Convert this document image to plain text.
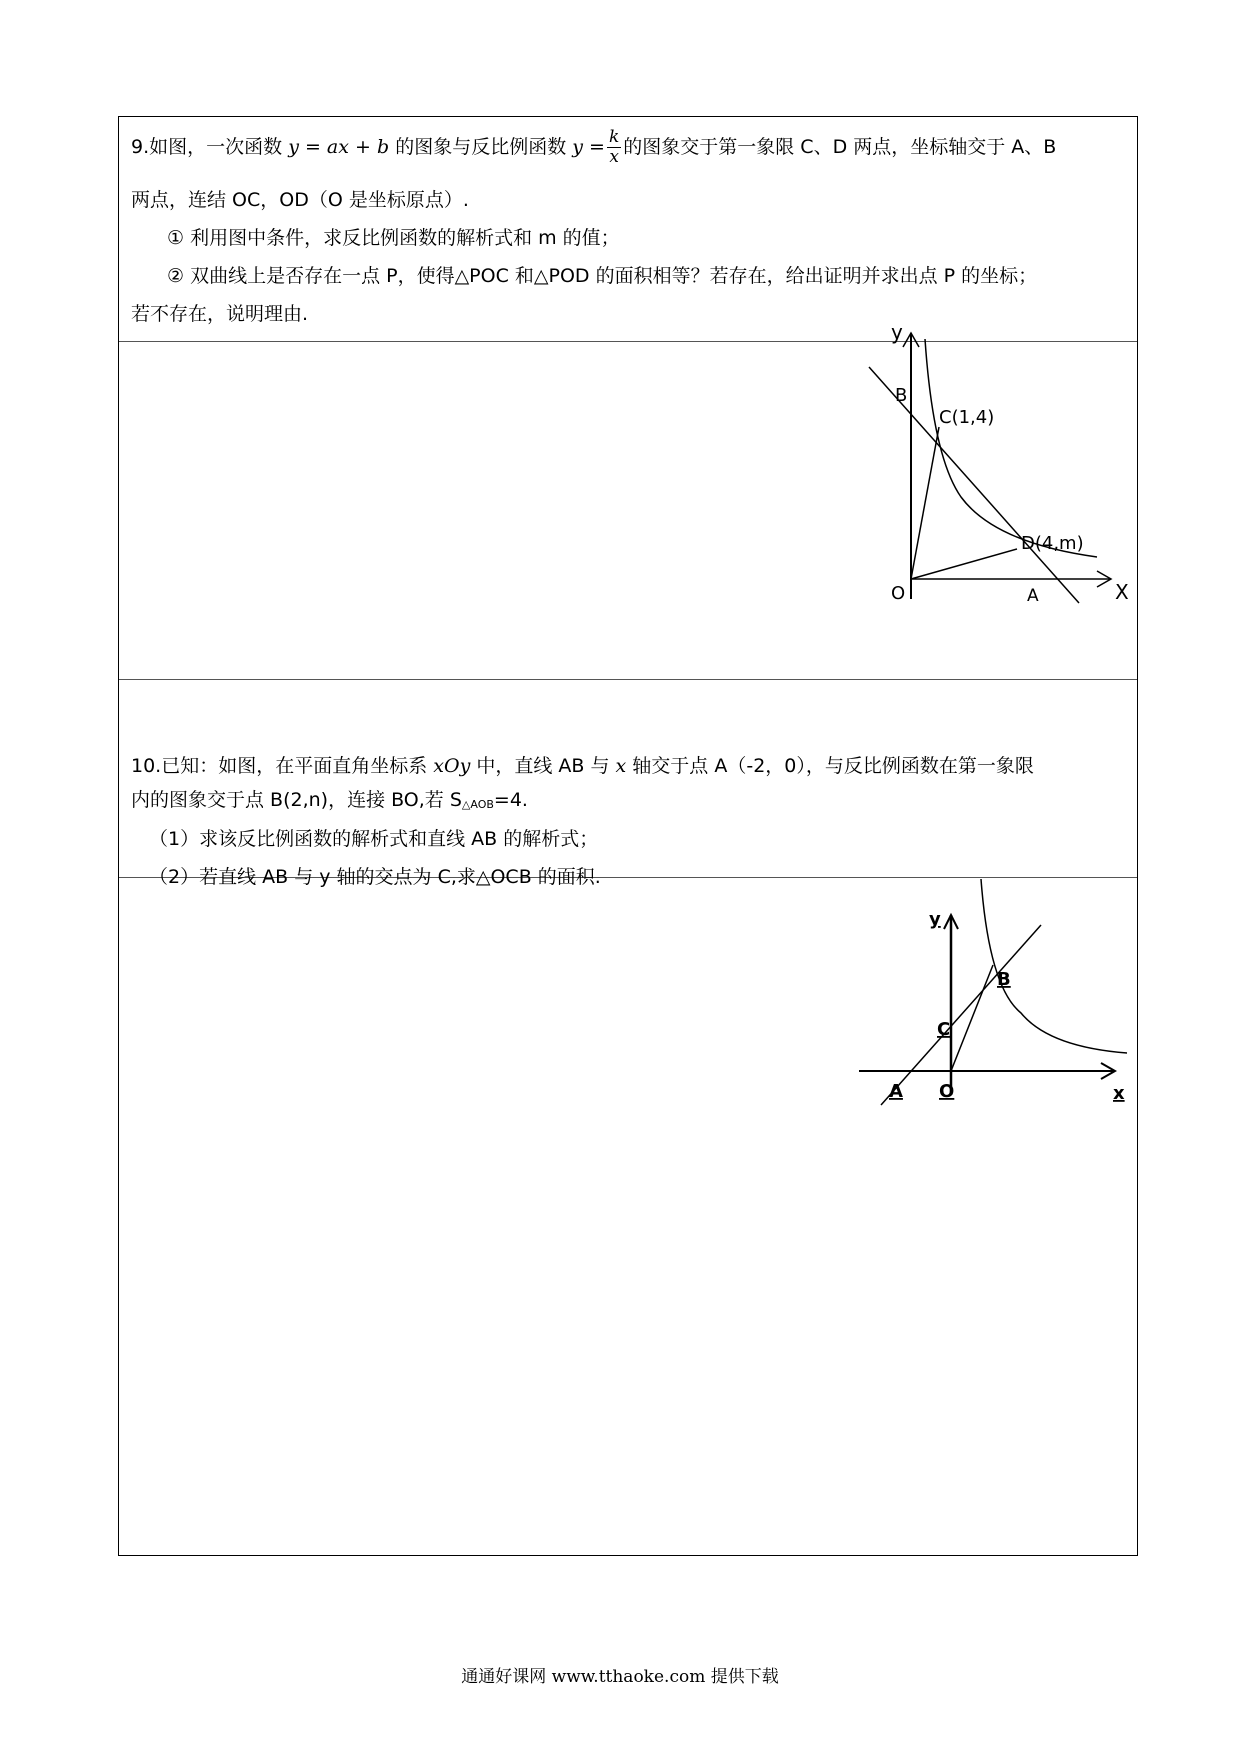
9.如图，一次函数 y = ax + b 的图象与反比例函数 $y = \frac{k}{x}$ 的图象交于第一象限 C、D 两点，坐标轴交于 A、B
两点，连结 OC，OD（O 是坐标原点）.
① 利用图中条件，求反比例函数的解析式和 m 的值；
② 双曲线上是否存在一点 P，使得△POC 和△POD 的面积相等？若存在，给出证明并求出点 P 的坐标；
若不存在，说明理由.
y
B
C(1,4)
D(4,m)
O	A	X
10.已知：如图，在平面直角坐标系 xOy 中，直线 AB 与 x 轴交于点 A（-2，0），与反比例函数在第一象限
内的图象交于点 B(2,n)，连接 BO,若 S△AOB=4.
（1）求该反比例函数的解析式和直线 AB 的解析式；
（2）若直线 AB 与 y 轴的交点为 C,求△OCB 的面积.
y
B
C
A O	x
通通好课网 www.tthaoke.com 提供下载
